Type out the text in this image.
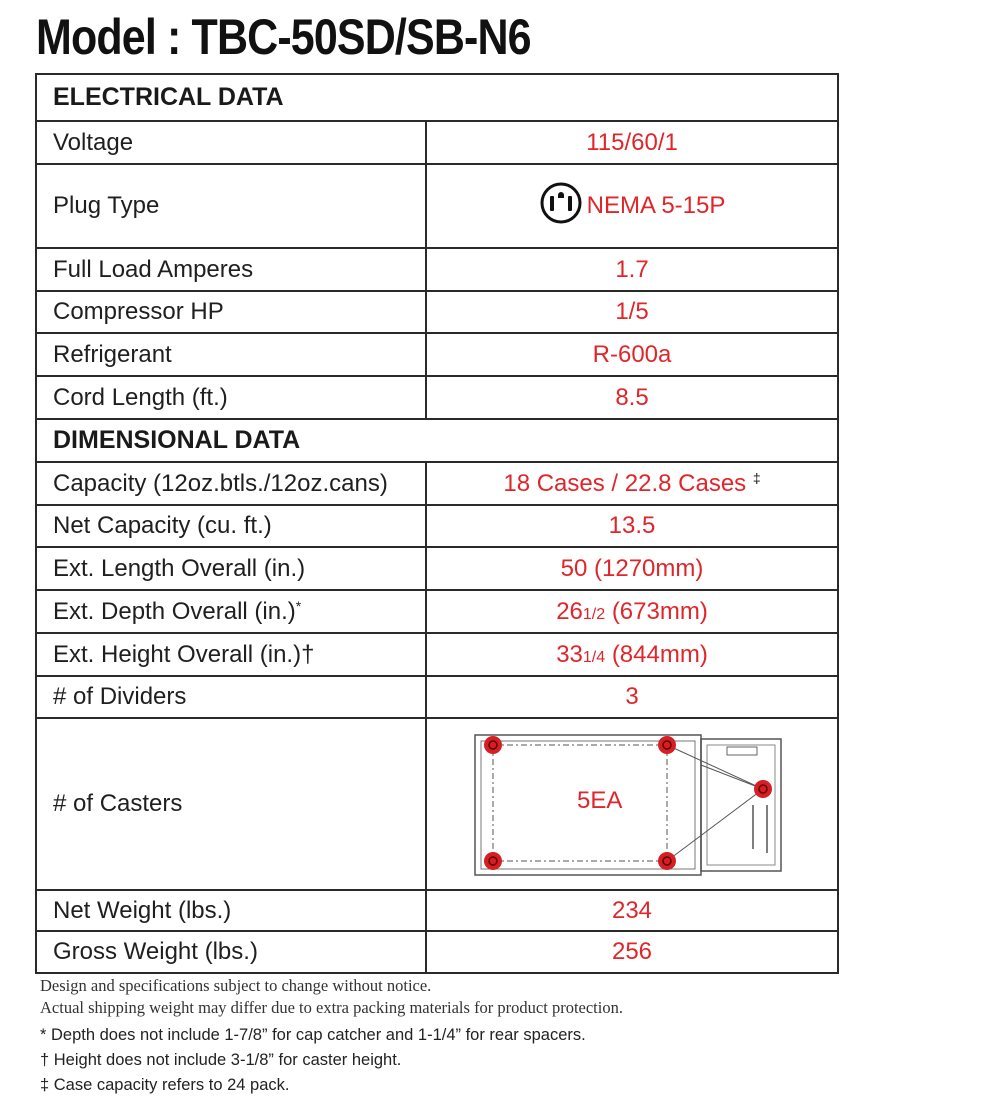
Model : TBC-50SD/SB-N6
ELECTRICAL DATA	
Voltage	115/60/1
Plug Type	NEMA 5-15P
Full Load Amperes	1.7
Compressor HP	1/5
Refrigerant	R-600a
Cord Length (ft.)	8.5
DIMENSIONAL DATA	
Capacity (12oz.btls./12oz.cans)	18 Cases / 22.8 Cases ‡
Net Capacity (cu. ft.)	13.5
Ext. Length Overall (in.)	50 (1270mm)
Ext. Depth Overall (in.)*	261/2 (673mm)
Ext. Height Overall (in.)†	331/4 (844mm)
# of Dividers	3
# of Casters	5EA

Net Weight (lbs.)	234
Gross Weight (lbs.)	256

Design and specifications subject to change without notice.

Actual shipping weight may differ due to extra packing materials for product protection.

* Depth does not include 1-7/8” for cap catcher and 1-1/4” for rear spacers.

† Height does not include 3-1/8” for caster height.

‡ Case capacity refers to 24 pack.
